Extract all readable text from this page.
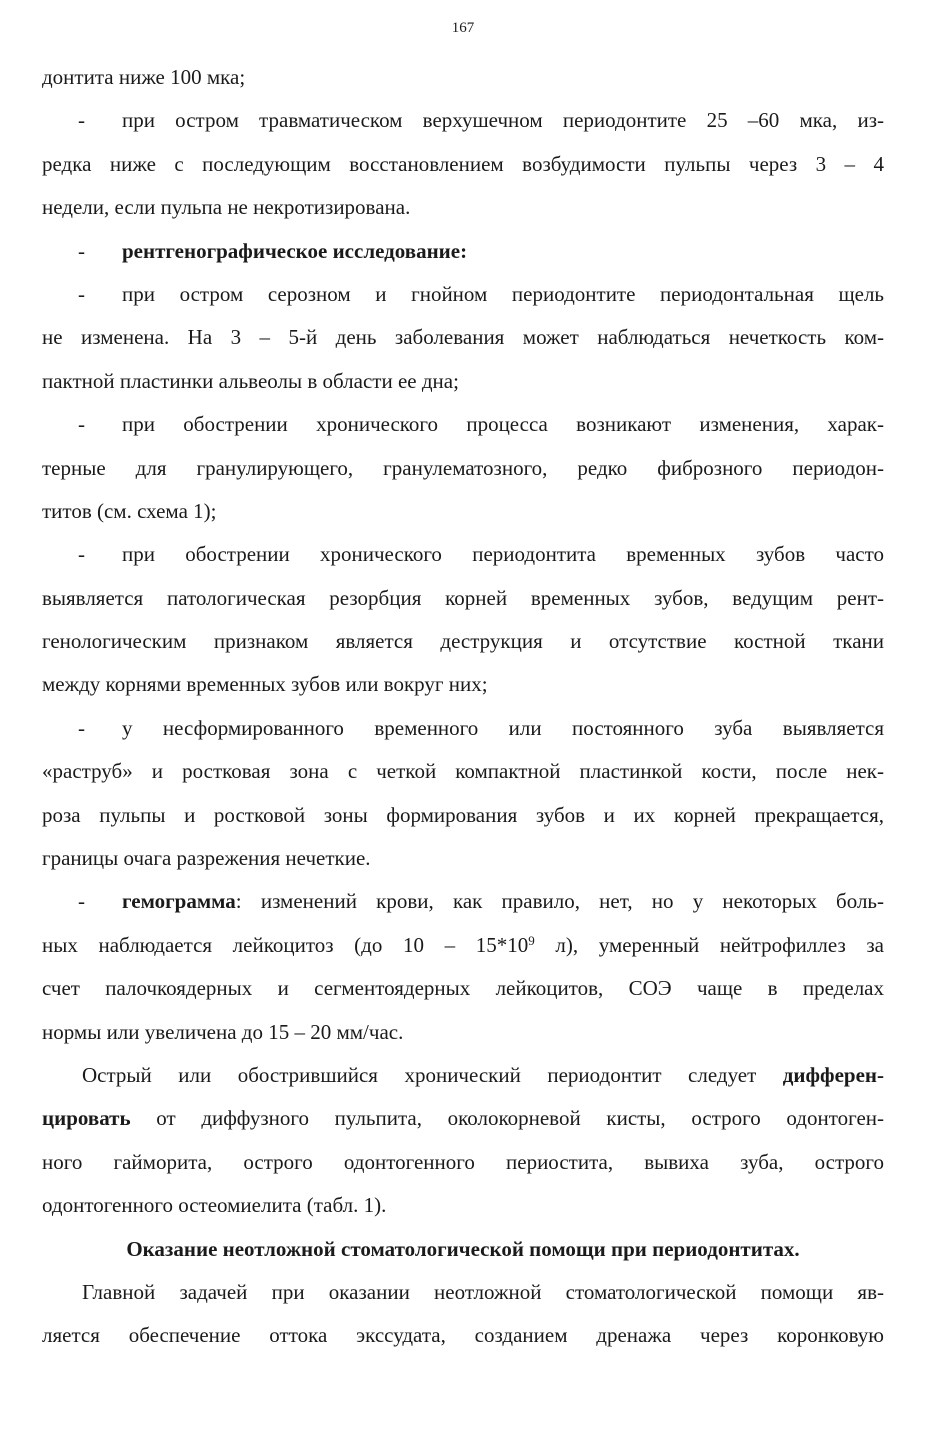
167
донтита ниже 100 мка;
- при остром травматическом верхушечном периодонтите 25 –60 мка, из-
редка ниже с последующим восстановлением возбудимости пульпы через 3 – 4
недели, если пульпа не некротизирована.
- рентгенографическое исследование:
- при остром серозном и гнойном периодонтите периодонтальная щель
не изменена. На 3 – 5-й день заболевания может наблюдаться нечеткость ком-
пактной пластинки альвеолы в области ее дна;
- при обострении хронического процесса возникают изменения, харак-
терные для гранулирующего, гранулематозного, редко фиброзного периодон-
титов (см. схема 1);
- при обострении хронического периодонтита временных зубов часто
выявляется патологическая резорбция корней временных зубов, ведущим рент-
генологическим признаком является деструкция и отсутствие костной ткани
между корнями временных зубов или вокруг них;
- у несформированного временного или постоянного зуба выявляется
«раструб» и ростковая зона с четкой компактной пластинкой кости, после нек-
роза пульпы и ростковой зоны формирования зубов и их корней прекращается,
границы очага разрежения нечеткие.
- гемограмма: изменений крови, как правило, нет, но у некоторых боль-
ных наблюдается лейкоцитоз (до $10 - 15*10^9$ л), умеренный нейтрофиллез за
счет палочкоядерных и сегментоядерных лейкоцитов, СОЭ чаще в пределах
нормы или увеличена до 15 – 20 мм/час.
Острый или обострившийся хронический периодонтит следует дифферен-
цировать от диффузного пульпита, околокорневой кисты, острого одонтоген-
ного гайморита, острого одонтогенного периостита, вывиха зуба, острого
одонтогенного остеомиелита (табл. 1).
Оказание неотложной стоматологической помощи при периодонтитах.
Главной задачей при оказании неотложной стоматологической помощи яв-
ляется обеспечение оттока экссудата, созданием дренажа через коронковую
